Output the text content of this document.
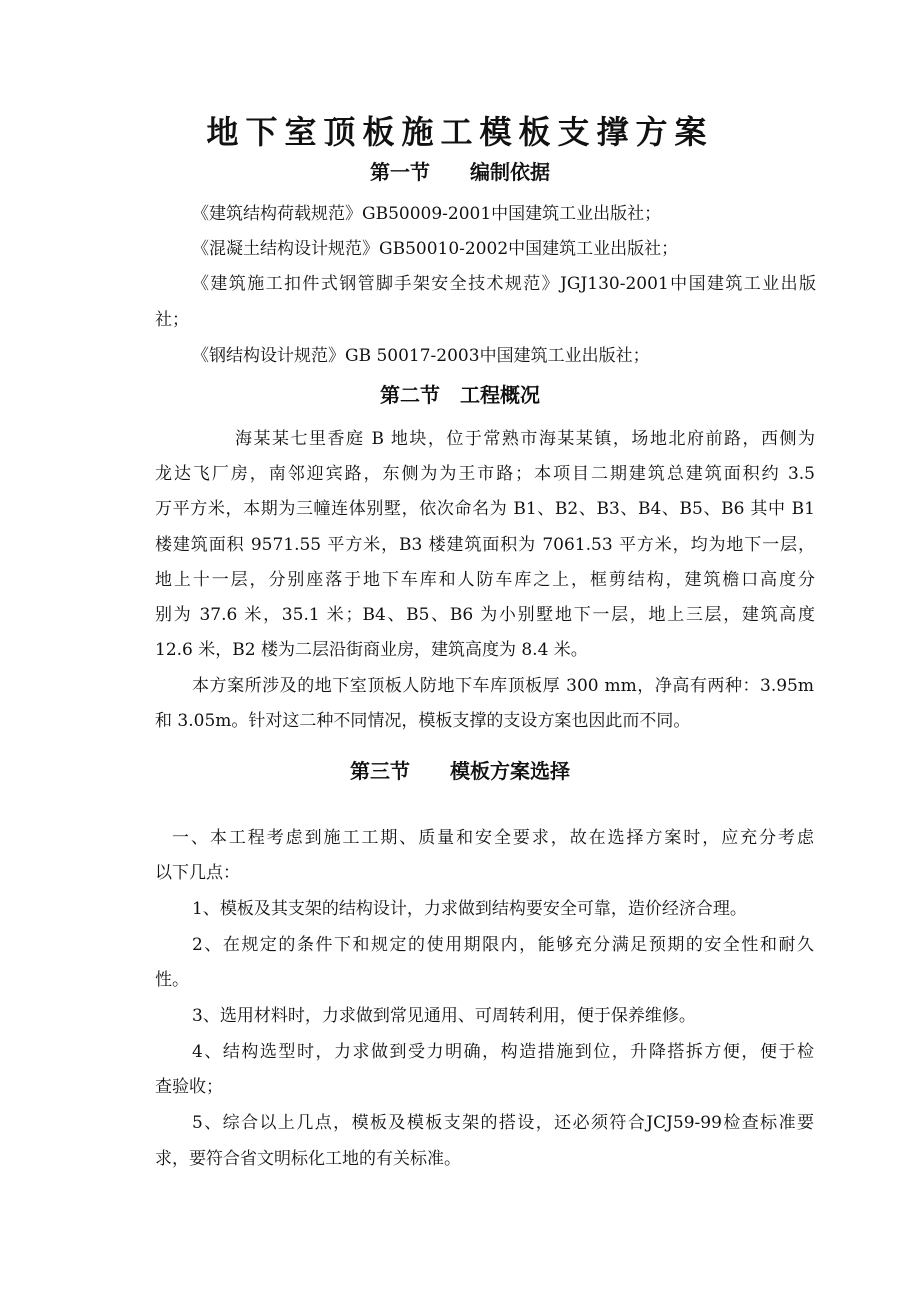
地下室顶板施工模板支撑方案
第一节　　编制依据

《建筑结构荷载规范》GB50009-2001中国建筑工业出版社；

《混凝土结构设计规范》GB50010-2002中国建筑工业出版社；

《建筑施工扣件式钢管脚手架安全技术规范》JGJ130-2001中国建筑工业出版

社；

《钢结构设计规范》GB 50017-2003中国建筑工业出版社；

第二节　工程概况

海某某七里香庭 B 地块，位于常熟市海某某镇，场地北府前路，西侧为

龙达飞厂房，南邻迎宾路，东侧为为王市路；本项目二期建筑总建筑面积约 3.5

万平方米，本期为三幢连体别墅，依次命名为 B1、B2、B3、B4、B5、B6 其中 B1

楼建筑面积 9571.55 平方米，B3 楼建筑面积为 7061.53 平方米，均为地下一层，

地上十一层，分别座落于地下车库和人防车库之上，框剪结构，建筑檐口高度分

别为 37.6 米，35.1 米；B4、B5、B6 为小别墅地下一层，地上三层，建筑高度

12.6 米，B2 楼为二层沿街商业房，建筑高度为 8.4 米。

本方案所涉及的地下室顶板人防地下车库顶板厚 300 mm，净高有两种：3.95m

和 3.05m。针对这二种不同情况，模板支撑的支设方案也因此而不同。

第三节　　模板方案选择

一、本工程考虑到施工工期、质量和安全要求，故在选择方案时，应充分考虑

以下几点：

1、模板及其支架的结构设计，力求做到结构要安全可靠，造价经济合理。

2、在规定的条件下和规定的使用期限内，能够充分满足预期的安全性和耐久

性。

3、选用材料时，力求做到常见通用、可周转利用，便于保养维修。

4、结构选型时，力求做到受力明确，构造措施到位，升降搭拆方便，便于检

查验收；

5、综合以上几点，模板及模板支架的搭设，还必须符合JCJ59-99检查标准要

求，要符合省文明标化工地的有关标准。
